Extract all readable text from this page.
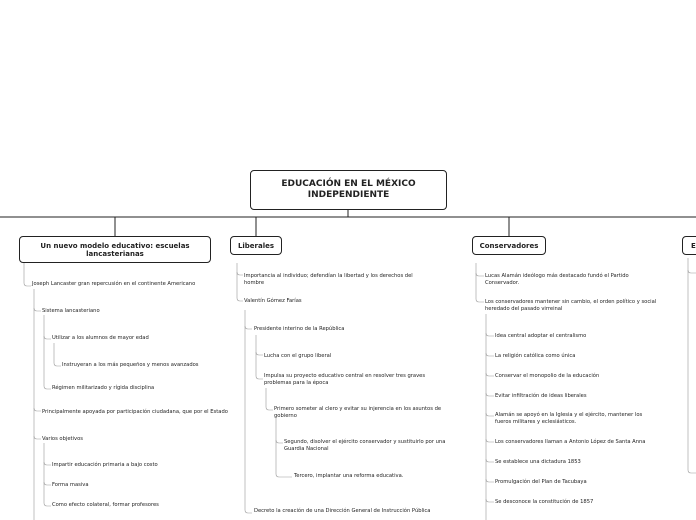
EDUCACIÓN EN EL MÉXICO INDEPENDIENTE
Un nuevo modelo educativo: escuelas lancasterianas
Liberales	Conservadores	E
Joseph Lancaster gran repercusión en el continente Americano
Sistema lancasteriano
Utilizar a los alumnos de mayor edad
Instruyeran a los más pequeños y menos avanzados
Régimen militarizado y rígida disciplina
Principalmente apoyada por participación ciudadana, que por el Estado
Varios objetivos
Impartir educación primaria a bajo costo
Forma masiva
Como efecto colateral, formar profesores
Importancia al individuo; defendían la libertad y los derechos del hombre
Valentín Gómez Farías
Presidente interino de la República
Lucha con el grupo liberal
Impulsa su proyecto educativo central en resolver tres graves problemas para la época
Primero someter al clero y evitar su injerencia en los asuntos de gobierno
Segundo, disolver el ejército conservador y sustituirlo por una Guardia Nacional
Tercero, implantar una reforma educativa.
Decreto la creación de una Dirección General de Instrucción Pública
Lucas Alamán ideólogo más destacado fundó el Partido Conservador.
Los conservadores mantener sin cambio, el orden político y social heredado del pasado virreinal
Idea central adoptar el centralismo
La religión católica como única
Conservar el monopolio de la educación
Evitar infiltración de ideas liberales
Alamán se apoyó en la Iglesia y el ejército, mantener los fueros militares y eclesiásticos.
Los conservadores llaman a Antonio López de Santa Anna
Se establece una dictadura 1853
Promulgación del Plan de Tacubaya
Se desconoce la constitución de 1857
